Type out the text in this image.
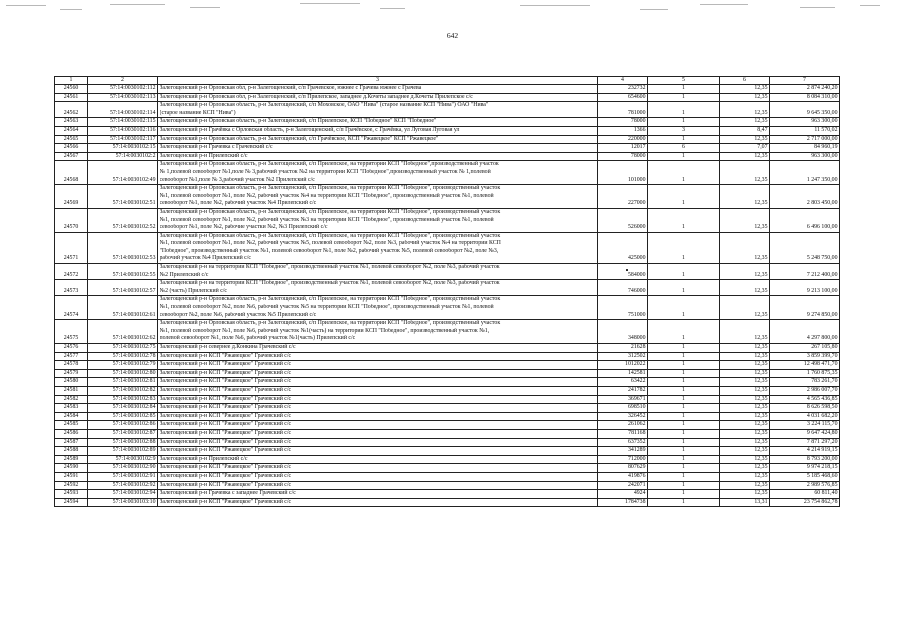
642
1	2	3	4	5	6	7
24560	57:14:0030102:112	Залегощенский р-н Орловская обл, р-н Залегощенский, с/п Грачевское, южнее с Грачева южнее с Грачева	232732	1	12,35	2 874 240,20
24561	57:14:0030102:113	Залегощенский р-н Орловская обл, р-н Залегощенский, с/п Прилепское, западнее д.Кочеты западнее д.Кочеты Прилепское с/с	654600	1	12,35	8 084 310,00
24562	57:14:0030102:114	Залегощенский р-н Орловская область, р-н Залегощенский, с/п Моховское, ОАО "Нива" (старое название КСП "Нива") ОАО "Нива"
(старое название КСП "Нива")	781000	1	12,35	9 645 350,00
24563	57:14:0030102:115	Залегощенский р-н Орловская область, р-н Залегощенский, с/п Прилепское, КСП "Победное" КСП "Победное"	78000	1	12,35	963 300,00
24564	57:14:0030102:116	Залегощенский р-н Грачёвка с Орловская область, р-н Залегощенский, с/п Грачёвское, с Грачёвка, ул Луговая Луговая ул	1366	3	8,47	11 570,02
24565	57:14:0030102:117	Залегощенский р-н Орловская область, р-н Залегощенский, с/п Грачёвское, КСП "Ржавецкое" КСП "Ржавецкое"	220000	1	12,35	2 717 000,00
24566	57:14:0030102:15	Залегощенский р-н Грачевка с Грачевский с/с	12017	6	7,07	84 960,19
24567	57:14:0030102:2	Залегощенский р-н Прилепский с/с	78000	1	12,35	963 300,00
24568	57:14:0030102:49	Залегощенский р-н Орловская область, р-н Залегощенский, с/п Прилепское, на территории КСП "Победное",производственный участок
№ 1,полевой севооборот №1,поле № 3,рабочий участок №2 на территории КСП "Победное",производственный участок № 1,полевой
севооборот №1,поле № 3,рабочий участок №2 Прилепский с/с	101000	1	12,35	1 247 350,00
24569	57:14:0030102:51	Залегощенский р-н Орловская область, р-н Залегощенский, с/п Прилепское, на территории КСП "Победное", производственный участок
№1, полевой севооборот №1, поле №2, рабочий участок №4 на территории КСП "Победное", производственный участок №1, полевой
севооборот №1, поле №2, рабочий участок №4 Прилепский с/с	227000	1	12,35	2 803 450,00
24570	57:14:0030102:52	Залегощенский р-н Орловская область, р-н Залегощенский, с/п Прилепское, на территории КСП "Победное", производственный участок
№1, полевой севооборот №1, поле №2, рабочий участок №3 на территории КСП "Победное", производственный участок №1, полевой
севооборот №1, поле №2, рабочие участки №2, №3 Прилепский с/с	526000	1	12,35	6 496 100,00
24571	57:14:0030102:53	Залегощенский р-н Орловская область, р-н Залегощенский, с/п Прилепское, на территории КСП "Победное", производственный участок
№1, полевой севооборот №1, поле №2, рабочий участок №5, полевой севооборот №2, поле №3, рабочий участок №4 на территории КСП
"Победное", производственный участок №1, полевой севооборот №1, поле №2, рабочий участок №5, полевой севооборот №2, поле №3,
рабочий участок №4 Прилепский с/с	425000	1	12,35	5 248 750,00
24572	57:14:0030102:55	Залегощенский р-н на территории КСП "Победное", производственный участок №1, полевой севооборот №2, поле №3, рабочий участок
№2 Прилепский с/с	584000	1	12,35	7 212 400,00
24573	57:14:0030102:57	Залегощенский р-н на территории КСП "Победное", производственный участок №1, полевой севооборот №2, поле №3, рабочий участок
№2 (часть) Прилепский с/с	746000	1	12,35	9 213 100,00
24574	57:14:0030102:61	Залегощенский р-н Орловская область, р-н Залегощенский, с/п Прилепское, на территории КСП "Победное", производственный участок
№1, полевой севооборот №2, поле №6, рабочий участок №5 на территории КСП "Победное", производственный участок №1, полевой
севооборот №2, поле №6, рабочий участок №5 Прилепский с/с	751000	1	12,35	9 274 850,00
24575	57:14:0030102:62	Залегощенский р-н Орловская область, р-н Залегощенский, с/п Прилепское, на территории КСП "Победное", производственный участок
№1, полевой севооборот №1, поле №6, рабочий участок №1(часть) на территории КСП "Победное", производственный участок №1,
полевой севооборот №1, поле №6, рабочий участок №1(часть) Прилепский с/с	348000	1	12,35	4 297 800,00
24576	57:14:0030102:75	Залегощенский р-н севернее д.Конкина Грачевский с/с	21628	1	12,35	267 105,80
24577	57:14:0030102:78	Залегощенский р-н КСП "Ржавецкое" Грачевский с/с	312502	1	12,35	3 859 399,70
24578	57:14:0030102:79	Залегощенский р-н КСП "Ржавецкое" Грачевский с/с	1012022	1	12,35	12 498 471,70
24579	57:14:0030102:80	Залегощенский р-н КСП "Ржавецкое" Грачевский с/с	142581	1	12,35	1 760 875,35
24580	57:14:0030102:81	Залегощенский р-н КСП "Ржавецкое" Грачевский с/с	63422	1	12,35	783 261,70
24581	57:14:0030102:82	Залегощенский р-н КСП "Ржавецкое" Грачевский с/с	241782	1	12,35	2 986 007,70
24582	57:14:0030102:83	Залегощенский р-н КСП "Ржавецкое" Грачевский с/с	369671	1	12,35	4 565 436,85
24583	57:14:0030102:84	Залегощенский р-н КСП "Ржавецкое" Грачевский с/с	698510	1	12,35	8 626 598,50
24584	57:14:0030102:85	Залегощенский р-н КСП "Ржавецкое" Грачевский с/с	326452	1	12,35	4 031 682,20
24585	57:14:0030102:86	Залегощенский р-н КСП "Ржавецкое" Грачевский с/с	261062	1	12,35	3 224 115,70
24586	57:14:0030102:87	Залегощенский р-н КСП "Ржавецкое" Грачевский с/с	781168	1	12,35	9 647 424,80
24587	57:14:0030102:88	Залегощенский р-н КСП "Ржавецкое" Грачевский с/с	637352	1	12,35	7 871 297,20
24588	57:14:0030102:89	Залегощенский р-н КСП "Ржавецкое" Грачевский с/с	341289	1	12,35	4 214 919,15
24589	57:14:0030102:9	Залегощенский р-н Прилепский с/с	712000	1	12,35	8 793 200,00
24590	57:14:0030102:90	Залегощенский р-н КСП "Ржавецкое" Грачевский с/с	807629	1	12,35	9 974 218,15
24591	57:14:0030102:91	Залегощенский р-н КСП "Ржавецкое" Грачевский с/с	419876	1	12,35	5 185 468,60
24592	57:14:0030102:92	Залегощенский р-н КСП "Ржавецкое" Грачевский с/с	242071	1	12,35	2 989 576,85
24593	57:14:0030102:94	Залегощенский р-н Грачевка с западнее Грачевский с/с	4924	1	12,35	60 811,40
24594	57:14:0030103:10	Залегощенский р-н КСП "Ржавецкое" Грачевский с/с	1784738	1	13,31	23 754 862,78
